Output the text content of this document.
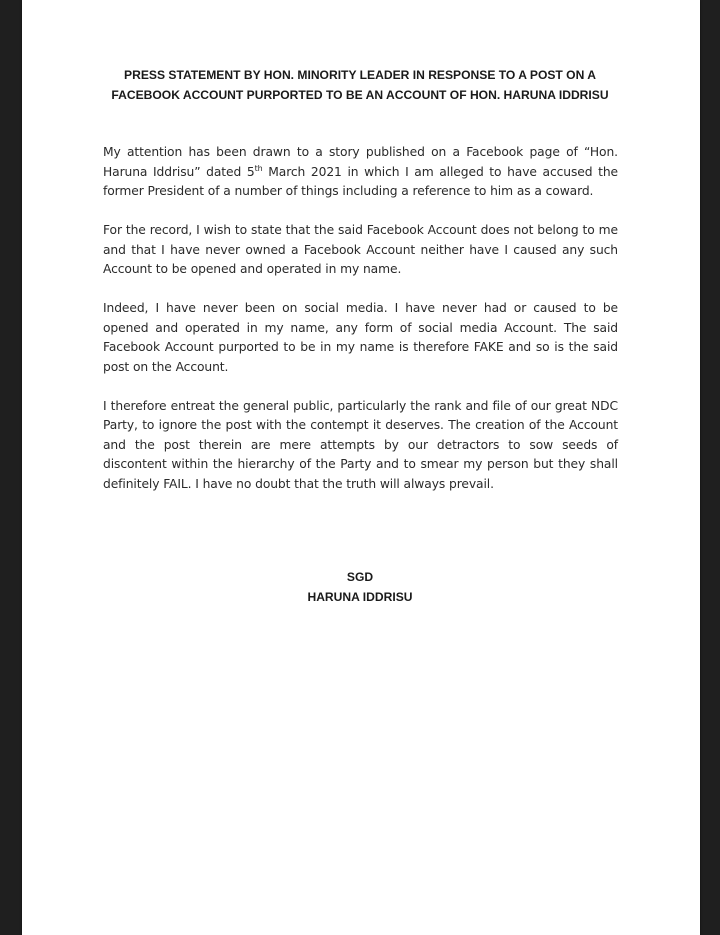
PRESS STATEMENT BY HON. MINORITY LEADER IN RESPONSE TO A POST ON A FACEBOOK ACCOUNT PURPORTED TO BE AN ACCOUNT OF HON. HARUNA IDDRISU

My attention has been drawn to a story published on a Facebook page of “Hon. Haruna Iddrisu” dated 5th March 2021 in which I am alleged to have accused the former President of a number of things including a reference to him as a coward.

For the record, I wish to state that the said Facebook Account does not belong to me and that I have never owned a Facebook Account neither have I caused any such Account to be opened and operated in my name.

Indeed, I have never been on social media. I have never had or caused to be opened and operated in my name, any form of social media Account. The said Facebook Account purported to be in my name is therefore FAKE and so is the said post on the Account.

I therefore entreat the general public, particularly the rank and file of our great NDC Party, to ignore the post with the contempt it deserves. The creation of the Account and the post therein are mere attempts by our detractors to sow seeds of discontent within the hierarchy of the Party and to smear my person but they shall definitely FAIL. I have no doubt that the truth will always prevail.

SGD
HARUNA IDDRISU
